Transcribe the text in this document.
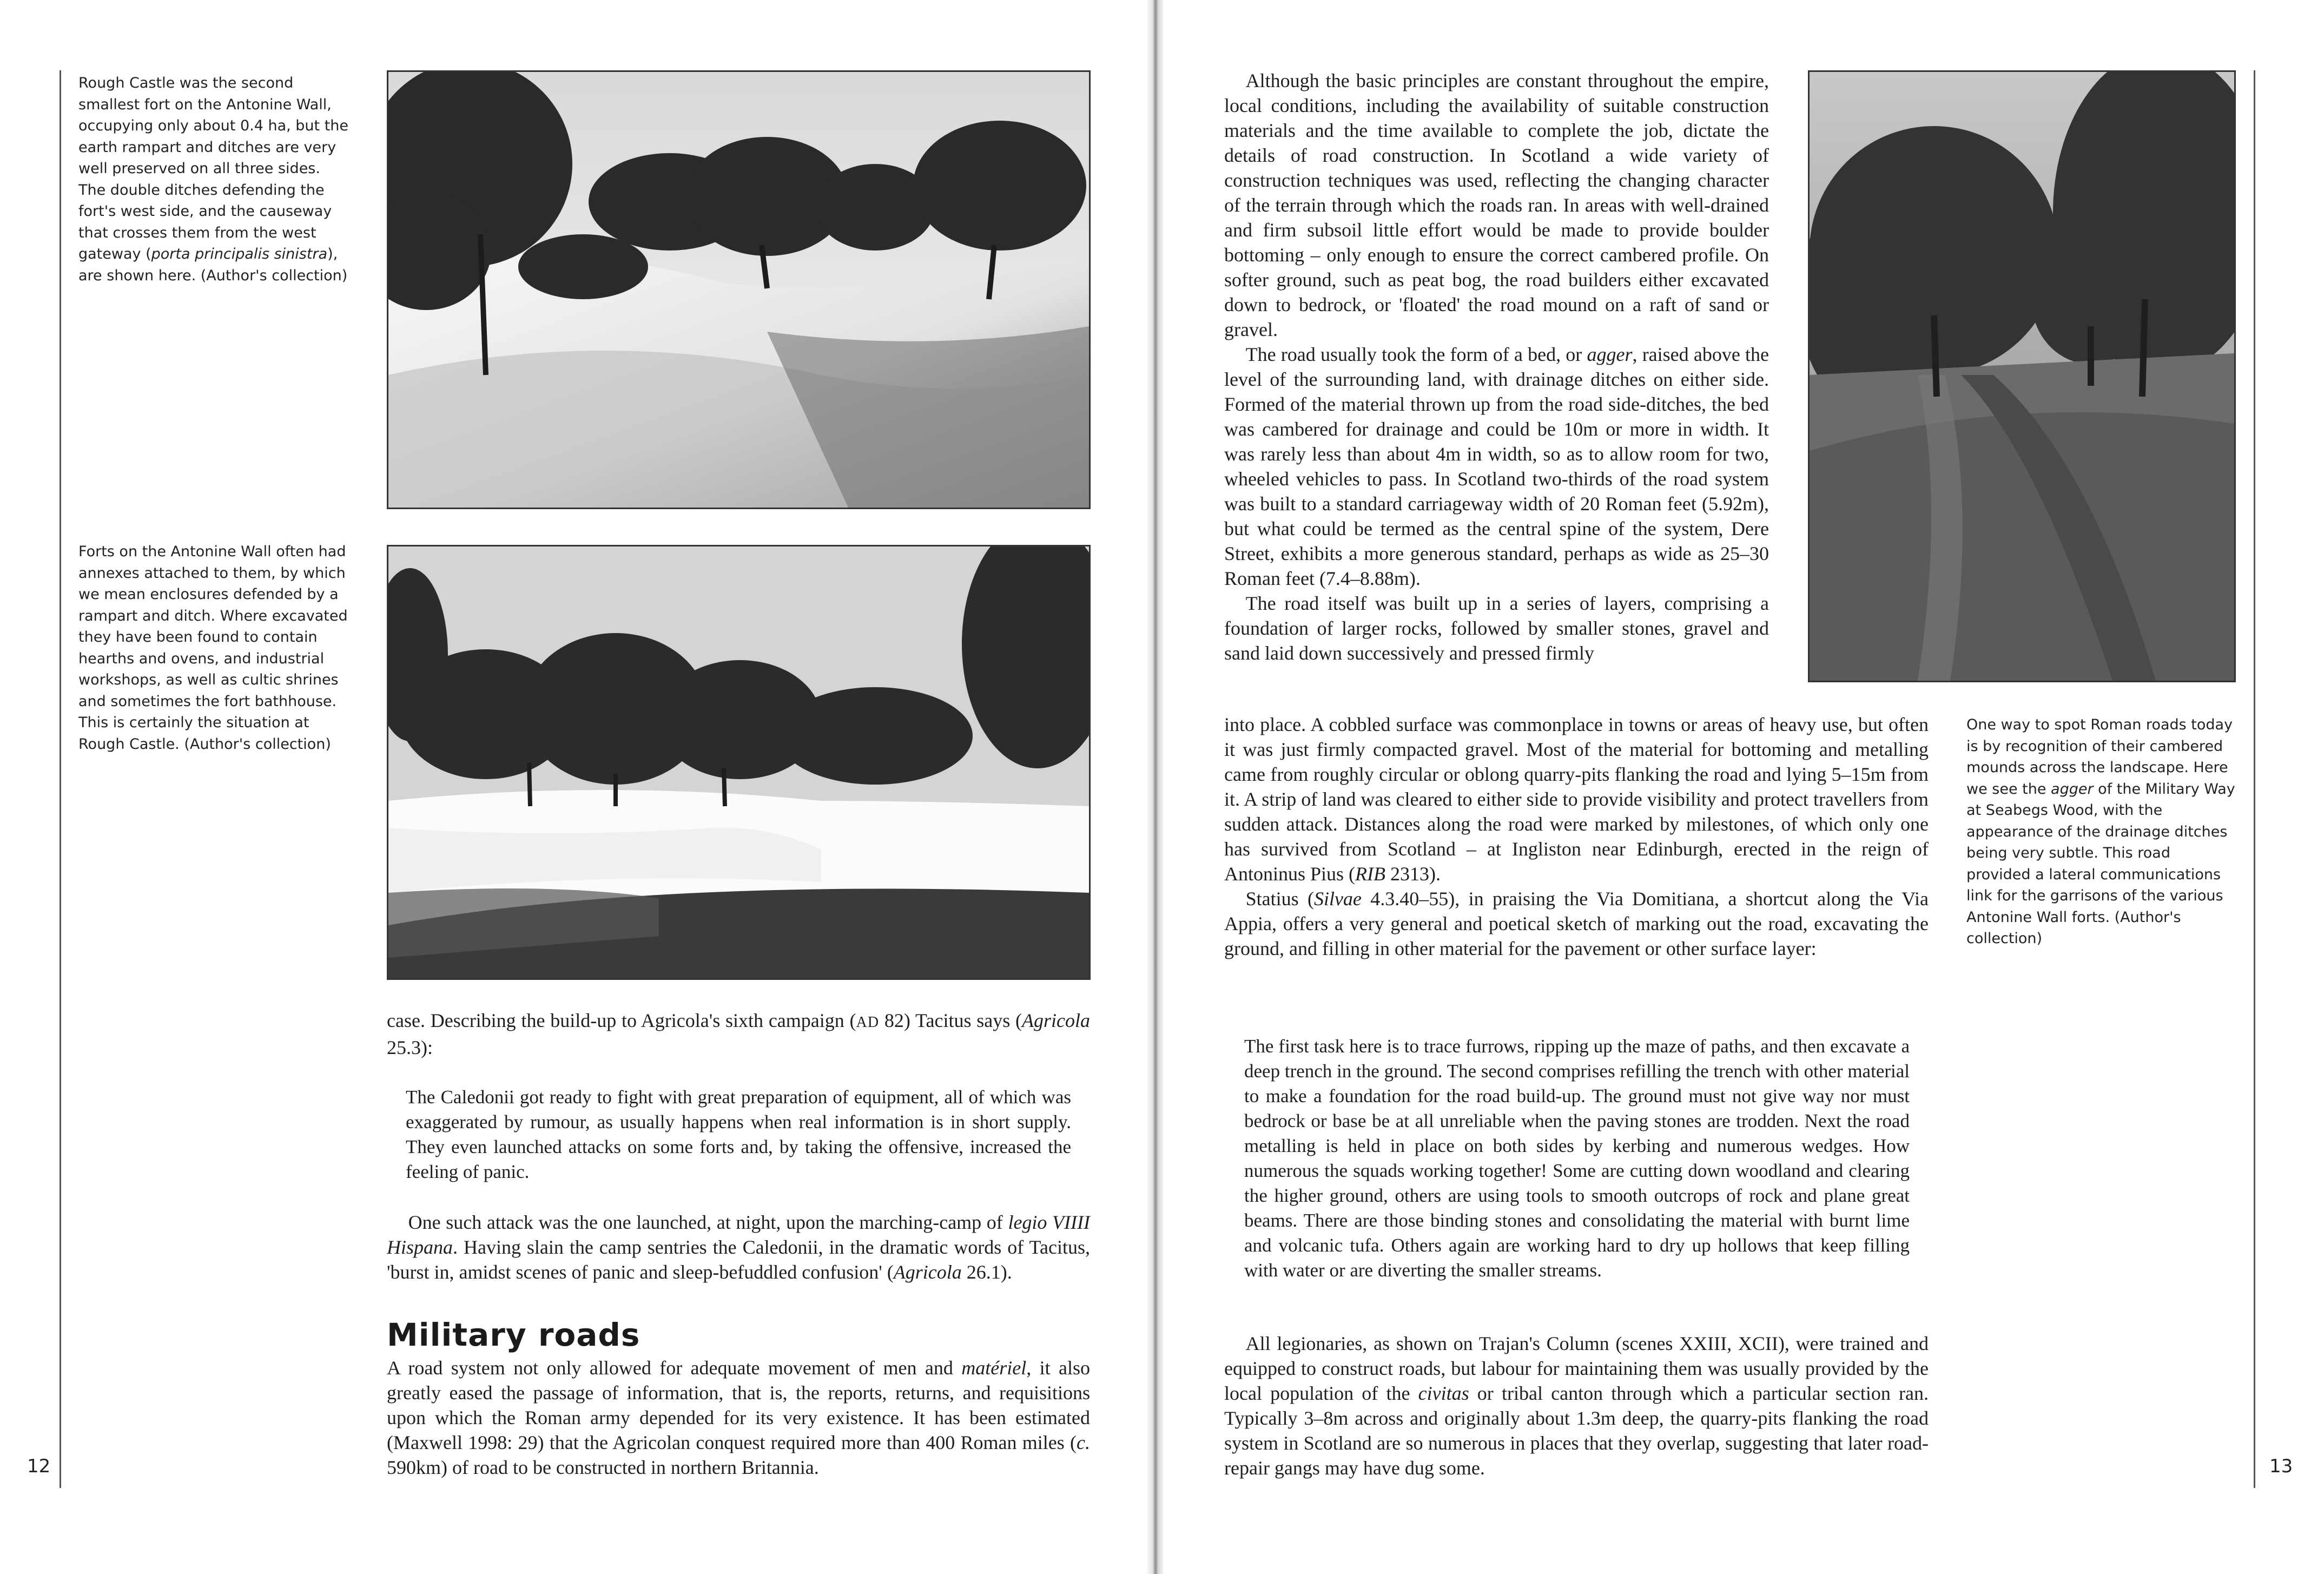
12
Rough Castle was the second smallest fort on the Antonine Wall, occupying only about 0.4 ha, but the earth rampart and ditches are very well preserved on all three sides. The double ditches defending the fort's west side, and the causeway that crosses them from the west gateway (porta principalis sinistra), are shown here. (Author's collection)
Forts on the Antonine Wall often had annexes attached to them, by which we mean enclosures defended by a rampart and ditch. Where excavated they have been found to contain hearths and ovens, and industrial workshops, as well as cultic shrines and sometimes the fort bathhouse. This is certainly the situation at Rough Castle. (Author's collection)

case. Describing the build-up to Agricola's sixth campaign (AD 82) Tacitus says (Agricola 25.3):

The Caledonii got ready to fight with great preparation of equipment, all of which was exaggerated by rumour, as usually happens when real information is in short supply. They even launched attacks on some forts and, by taking the offensive, increased the feeling of panic.

One such attack was the one launched, at night, upon the marching-camp of legio VIIII Hispana. Having slain the camp sentries the Caledonii, in the dramatic words of Tacitus, 'burst in, amidst scenes of panic and sleep-befuddled confusion' (Agricola 26.1).

Military roads

A road system not only allowed for adequate movement of men and matériel, it also greatly eased the passage of information, that is, the reports, returns, and requisitions upon which the Roman army depended for its very existence. It has been estimated (Maxwell 1998: 29) that the Agricolan conquest required more than 400 Roman miles (c. 590km) of road to be constructed in northern Britannia.	13
One way to spot Roman roads today is by recognition of their cambered mounds across the landscape. Here we see the agger of the Military Way at Seabegs Wood, with the appearance of the drainage ditches being very subtle. This road provided a lateral communications link for the garrisons of the various Antonine Wall forts. (Author's collection)

Although the basic principles are constant throughout the empire, local conditions, including the availability of suitable construction materials and the time available to complete the job, dictate the details of road construction. In Scotland a wide variety of construction techniques was used, reflecting the changing character of the terrain through which the roads ran. In areas with well-drained and firm subsoil little effort would be made to provide boulder bottoming – only enough to ensure the correct cambered profile. On softer ground, such as peat bog, the road builders either excavated down to bedrock, or 'floated' the road mound on a raft of sand or gravel.

The road usually took the form of a bed, or agger, raised above the level of the surrounding land, with drainage ditches on either side. Formed of the material thrown up from the road side-ditches, the bed was cambered for drainage and could be 10m or more in width. It was rarely less than about 4m in width, so as to allow room for two, wheeled vehicles to pass. In Scotland two-thirds of the road system was built to a standard carriageway width of 20 Roman feet (5.92m), but what could be termed as the central spine of the system, Dere Street, exhibits a more generous standard, perhaps as wide as 25–30 Roman feet (7.4–8.88m).

The road itself was built up in a series of layers, comprising a foundation of larger rocks, followed by smaller stones, gravel and sand laid down successively and pressed firmly

into place. A cobbled surface was commonplace in towns or areas of heavy use, but often it was just firmly compacted gravel. Most of the material for bottoming and metalling came from roughly circular or oblong quarry-pits flanking the road and lying 5–15m from it. A strip of land was cleared to either side to provide visibility and protect travellers from sudden attack. Distances along the road were marked by milestones, of which only one has survived from Scotland – at Ingliston near Edinburgh, erected in the reign of Antoninus Pius (RIB 2313).

Statius (Silvae 4.3.40–55), in praising the Via Domitiana, a shortcut along the Via Appia, offers a very general and poetical sketch of marking out the road, excavating the ground, and filling in other material for the pavement or other surface layer:

The first task here is to trace furrows, ripping up the maze of paths, and then excavate a deep trench in the ground. The second comprises refilling the trench with other material to make a foundation for the road build-up. The ground must not give way nor must bedrock or base be at all unreliable when the paving stones are trodden. Next the road metalling is held in place on both sides by kerbing and numerous wedges. How numerous the squads working together! Some are cutting down woodland and clearing the higher ground, others are using tools to smooth outcrops of rock and plane great beams. There are those binding stones and consolidating the material with burnt lime and volcanic tufa. Others again are working hard to dry up hollows that keep filling with water or are diverting the smaller streams.

All legionaries, as shown on Trajan's Column (scenes XXIII, XCII), were trained and equipped to construct roads, but labour for maintaining them was usually provided by the local population of the civitas or tribal canton through which a particular section ran. Typically 3–8m across and originally about 1.3m deep, the quarry-pits flanking the road system in Scotland are so numerous in places that they overlap, suggesting that later road-repair gangs may have dug some.
